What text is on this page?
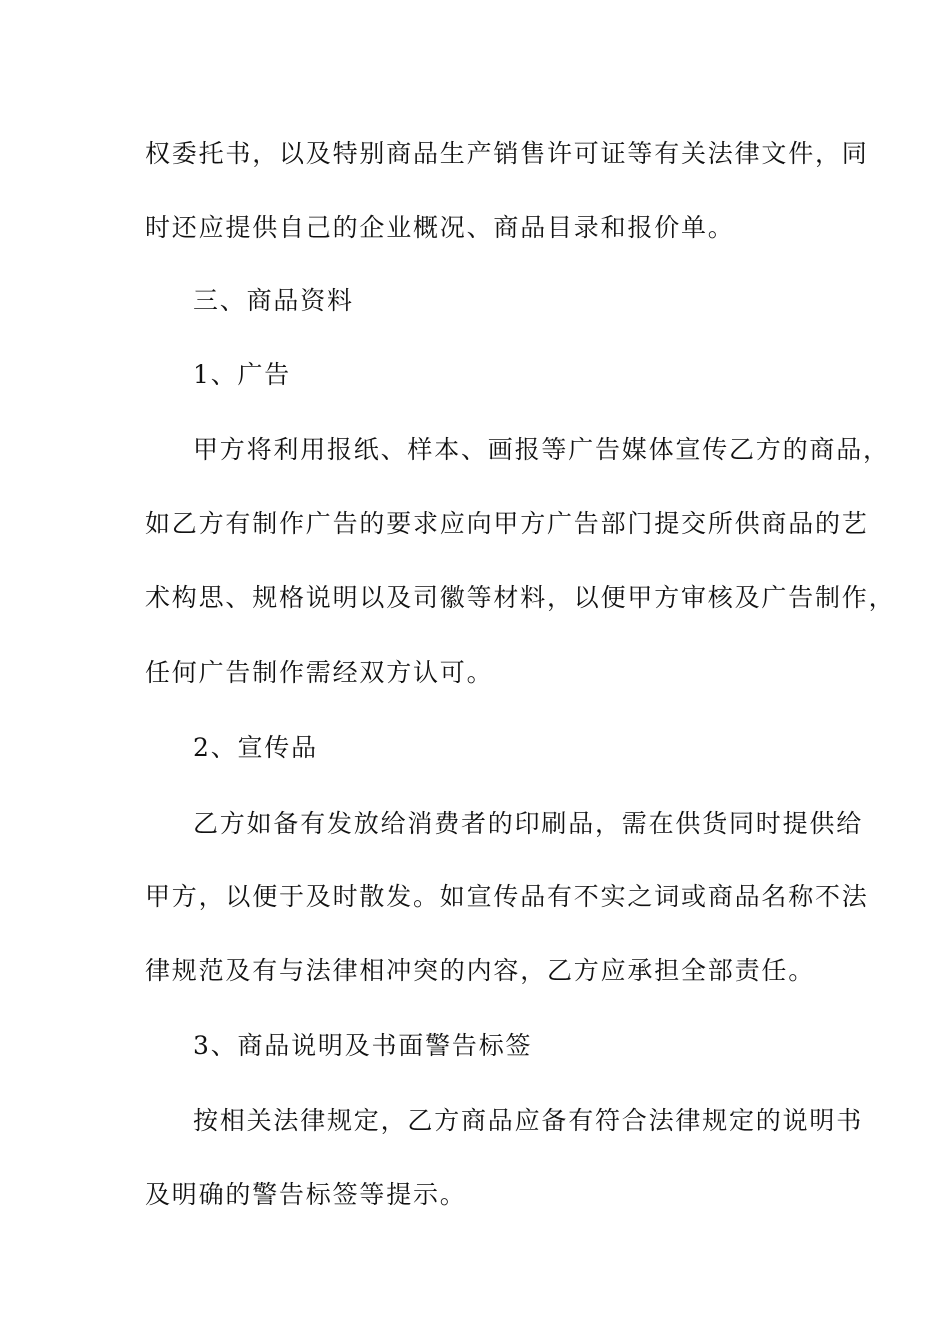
权委托书，以及特别商品生产销售许可证等有关法律文件，同
时还应提供自己的企业概况、商品目录和报价单。
三、商品资料
1、广告
甲方将利用报纸、样本、画报等广告媒体宣传乙方的商品，
如乙方有制作广告的要求应向甲方广告部门提交所供商品的艺
术构思、规格说明以及司徽等材料，以便甲方审核及广告制作，
任何广告制作需经双方认可。
2、宣传品
乙方如备有发放给消费者的印刷品，需在供货同时提供给
甲方，以便于及时散发。如宣传品有不实之词或商品名称不法
律规范及有与法律相冲突的内容，乙方应承担全部责任。
3、商品说明及书面警告标签
按相关法律规定，乙方商品应备有符合法律规定的说明书
及明确的警告标签等提示。
